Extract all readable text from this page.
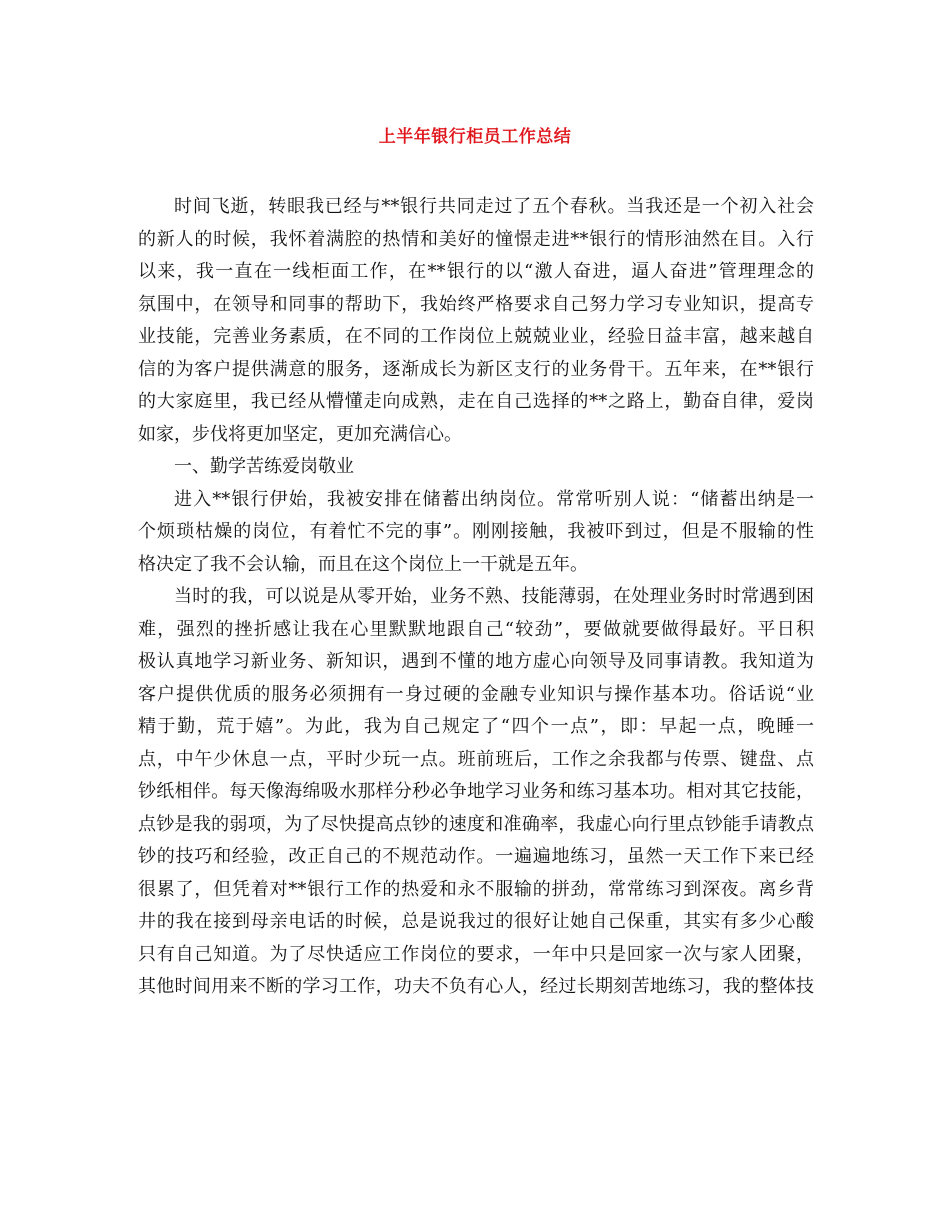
上半年银行柜员工作总结
时间飞逝，转眼我已经与**银行共同走过了五个春秋。当我还是一个初入社会
的新人的时候，我怀着满腔的热情和美好的憧憬走进**银行的情形油然在目。入行
以来，我一直在一线柜面工作，在**银行的以“激人奋进，逼人奋进”管理理念的
氛围中，在领导和同事的帮助下，我始终严格要求自己努力学习专业知识，提高专
业技能，完善业务素质，在不同的工作岗位上兢兢业业，经验日益丰富，越来越自
信的为客户提供满意的服务，逐渐成长为新区支行的业务骨干。五年来，在**银行
的大家庭里，我已经从懵懂走向成熟，走在自己选择的**之路上，勤奋自律，爱岗
如家，步伐将更加坚定，更加充满信心。
一、勤学苦练爱岗敬业
进入**银行伊始，我被安排在储蓄出纳岗位。常常听别人说：“储蓄出纳是一
个烦琐枯燥的岗位，有着忙不完的事”。刚刚接触，我被吓到过，但是不服输的性
格决定了我不会认输，而且在这个岗位上一干就是五年。
当时的我，可以说是从零开始，业务不熟、技能薄弱，在处理业务时时常遇到困
难，强烈的挫折感让我在心里默默地跟自己“较劲”，要做就要做得最好。平日积
极认真地学习新业务、新知识，遇到不懂的地方虚心向领导及同事请教。我知道为
客户提供优质的服务必须拥有一身过硬的金融专业知识与操作基本功。俗话说“业
精于勤，荒于嬉”。为此，我为自己规定了“四个一点”，即：早起一点，晚睡一
点，中午少休息一点，平时少玩一点。班前班后，工作之余我都与传票、键盘、点
钞纸相伴。每天像海绵吸水那样分秒必争地学习业务和练习基本功。相对其它技能，
点钞是我的弱项，为了尽快提高点钞的速度和准确率，我虚心向行里点钞能手请教点
钞的技巧和经验，改正自己的不规范动作。一遍遍地练习，虽然一天工作下来已经
很累了，但凭着对**银行工作的热爱和永不服输的拼劲，常常练习到深夜。离乡背
井的我在接到母亲电话的时候，总是说我过的很好让她自己保重，其实有多少心酸
只有自己知道。为了尽快适应工作岗位的要求，一年中只是回家一次与家人团聚，
其他时间用来不断的学习工作，功夫不负有心人，经过长期刻苦地练习，我的整体技
